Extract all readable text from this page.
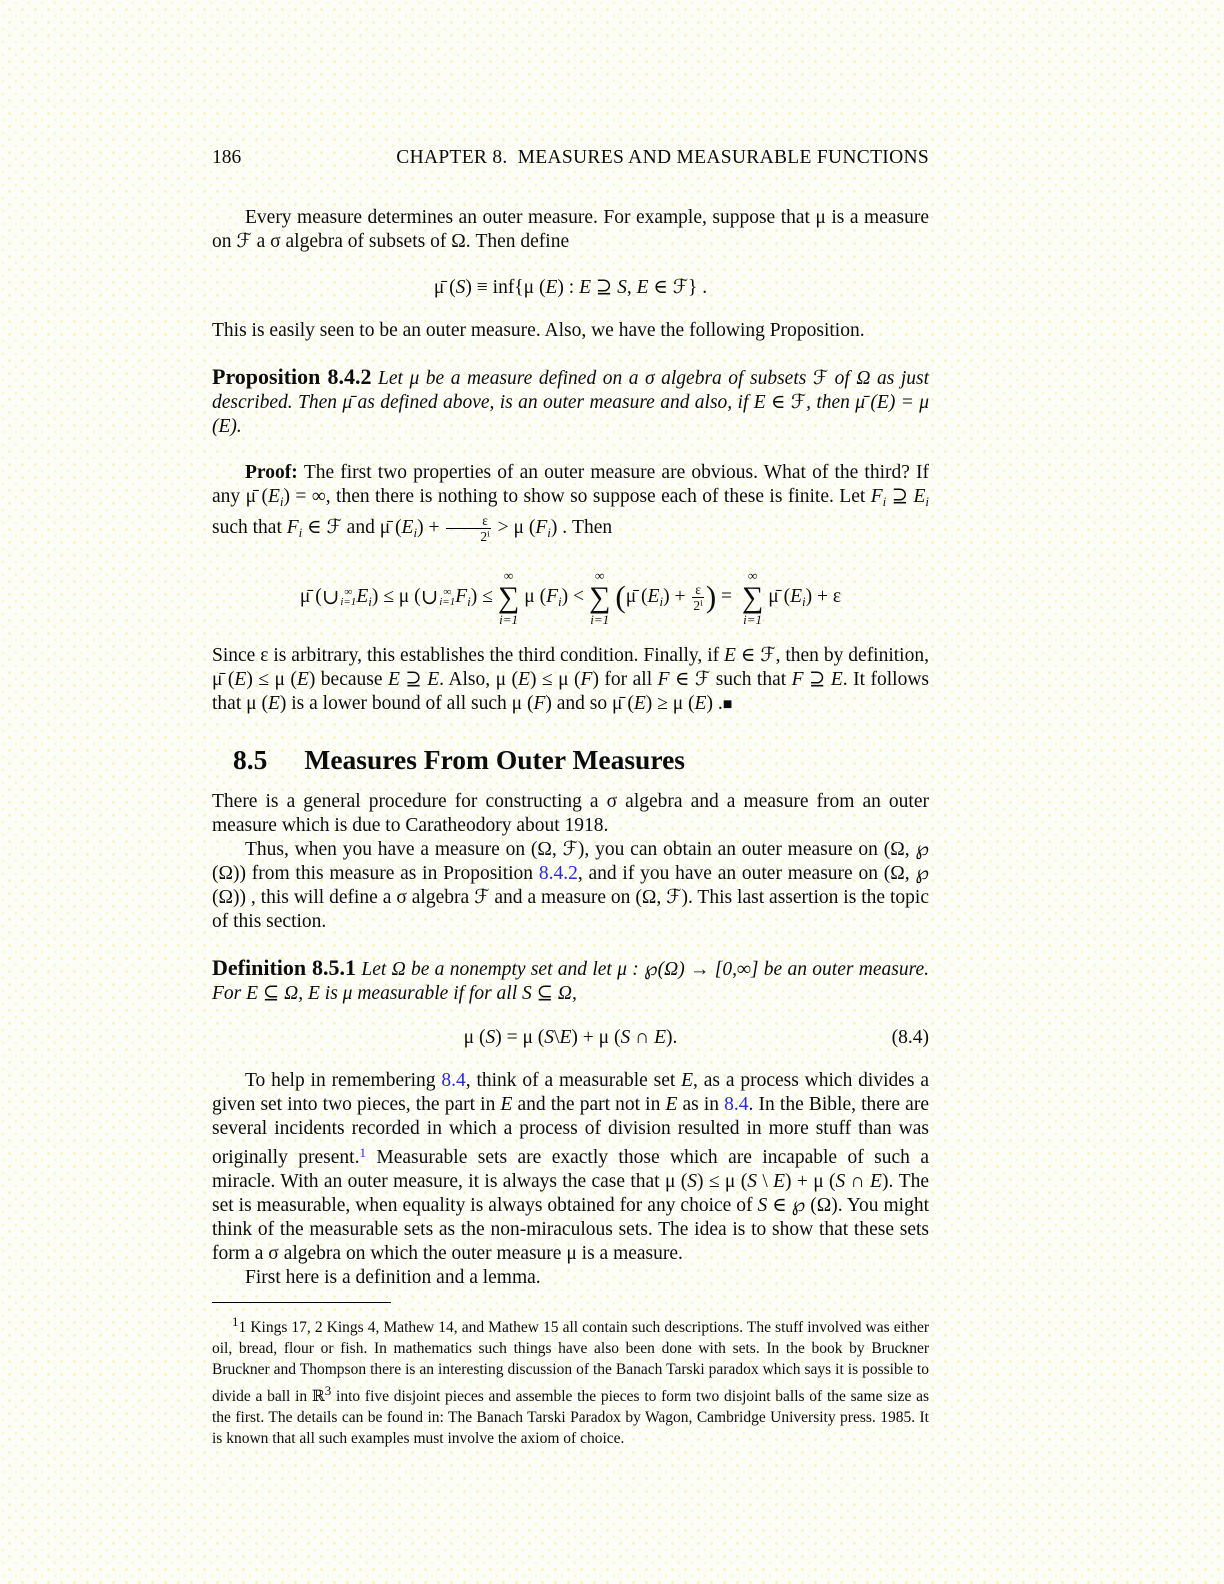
186	CHAPTER 8. MEASURES AND MEASURABLE FUNCTIONS

Every measure determines an outer measure. For example, suppose that μ is a measure on ℱ a σ algebra of subsets of Ω. Then define

μ̄ (S) ≡ inf{μ (E) : E ⊇ S, E ∈ ℱ} .

This is easily seen to be an outer measure. Also, we have the following Proposition.

Proposition 8.4.2 Let μ be a measure defined on a σ algebra of subsets ℱ of Ω as just described. Then μ̄ as defined above, is an outer measure and also, if E ∈ ℱ, then μ̄ (E) = μ (E).

Proof: The first two properties of an outer measure are obvious. What of the third? If any μ̄ $(E_i)$ = ∞, then there is nothing to show so suppose each of these is finite. Let $F_i$ ⊇ $E_i$ such that $F_i$ ∈ ℱ and μ̄ $(E_i) + \frac{\varepsilon}{\text{2ⁱ}} > \mu$ $(F_i)$ . Then

μ̄ ( ∪ ∞
i=1 $E_i) \le \mu$ ( ∪ ∞
i=1 $F_i$) ≤
∞
∑
i=1
μ $(F_i)$ <
∞
∑
i=1
(μ̄ $(E_i) + \frac{\varepsilon}{\text{2ⁱ}}$ ) =
∞
∑
i=1
μ̄ $(E_i) + \varepsilon$

Since ε is arbitrary, this establishes the third condition. Finally, if E ∈ ℱ, then by definition, μ̄ (E) ≤ μ (E) because E ⊇ E. Also, μ (E) ≤ μ (F) for all F ∈ ℱ such that F ⊇ E. It follows that μ (E) is a lower bound of all such μ (F) and so μ̄ (E) ≥ μ (E) .■

8.5 Measures From Outer Measures

There is a general procedure for constructing a σ algebra and a measure from an outer measure which is due to Caratheodory about 1918.

Thus, when you have a measure on (Ω, ℱ), you can obtain an outer measure on (Ω, ℘ (Ω)) from this measure as in Proposition 8.4.2, and if you have an outer measure on (Ω, ℘ (Ω)) , this will define a σ algebra ℱ and a measure on (Ω, ℱ). This last assertion is the topic of this section.

Definition 8.5.1 Let Ω be a nonempty set and let μ : ℘(Ω) → [0,∞] be an outer measure. For E ⊆ Ω, E is μ measurable if for all S ⊆ Ω,

μ (S) = μ (S\E) + μ (S ∩ E).	(8.4)

To help in remembering 8.4, think of a measurable set E, as a process which divides a given set into two pieces, the part in E and the part not in E as in 8.4. In the Bible, there are several incidents recorded in which a process of division resulted in more stuff than was originally present.$^1$ Measurable sets are exactly those which are incapable of such a miracle. With an outer measure, it is always the case that μ (S) ≤ μ (S \ E) + μ (S ∩ E). The set is measurable, when equality is always obtained for any choice of S ∈ ℘ (Ω). You might think of the measurable sets as the non-miraculous sets. The idea is to show that these sets form a σ algebra on which the outer measure μ is a measure.

First here is a definition and a lemma.

$^1$1 Kings 17, 2 Kings 4, Mathew 14, and Mathew 15 all contain such descriptions. The stuff involved was either oil, bread, flour or fish. In mathematics such things have also been done with sets. In the book by Bruckner Bruckner and Thompson there is an interesting discussion of the Banach Tarski paradox which says it is possible to divide a ball in ℝ$^3$ into five disjoint pieces and assemble the pieces to form two disjoint balls of the same size as the first. The details can be found in: The Banach Tarski Paradox by Wagon, Cambridge University press. 1985. It is known that all such examples must involve the axiom of choice.
